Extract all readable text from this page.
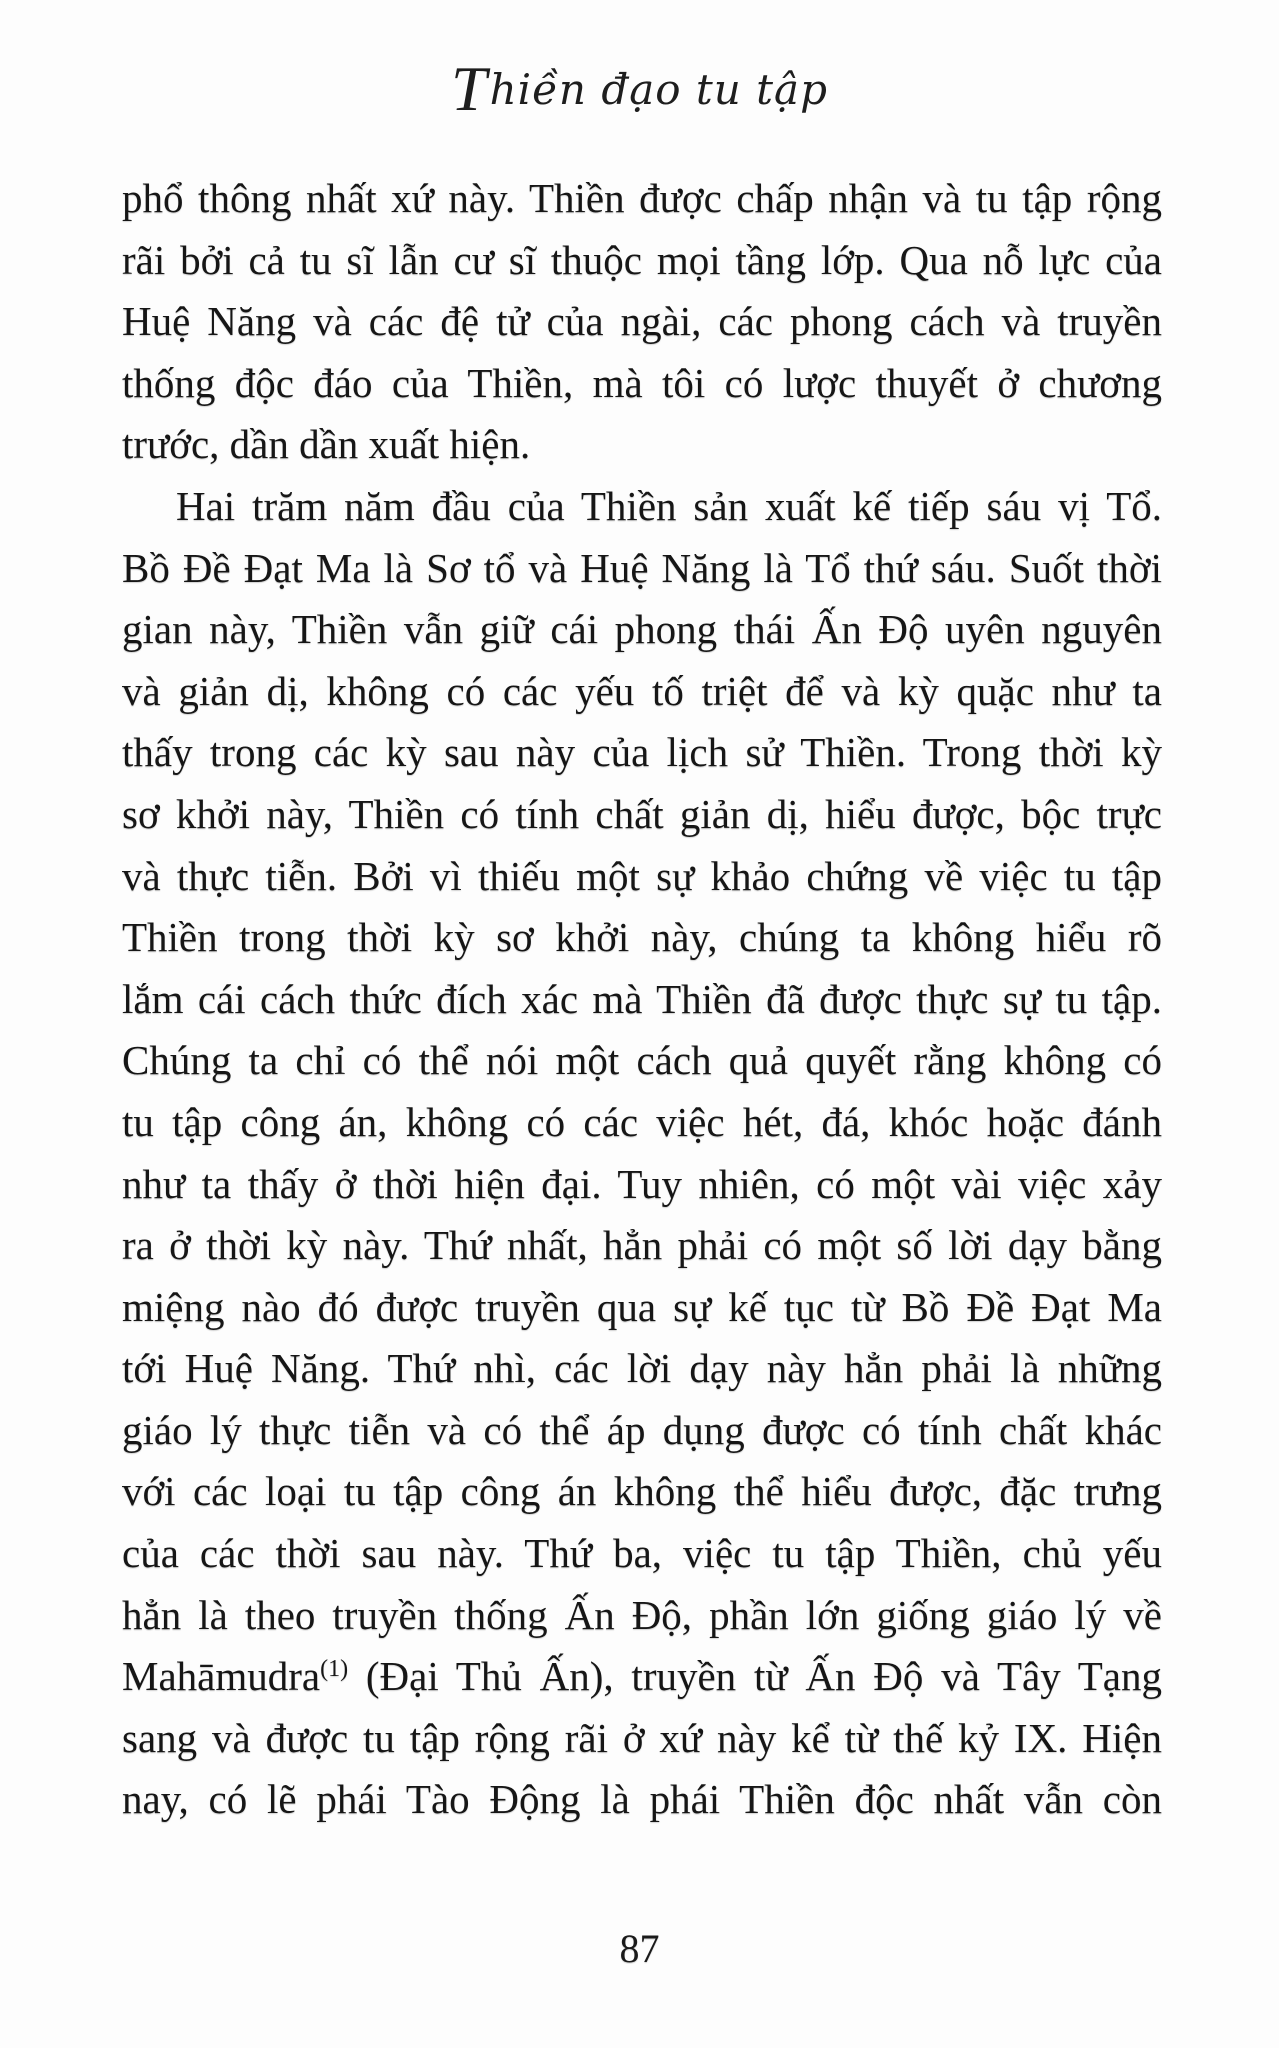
Thiền đạo tu tập
phổ thông nhất xứ này. Thiền được chấp nhận và tu tập rộng
rãi bởi cả tu sĩ lẫn cư sĩ thuộc mọi tầng lớp. Qua nỗ lực của
Huệ Năng và các đệ tử của ngài, các phong cách và truyền
thống độc đáo của Thiền, mà tôi có lược thuyết ở chương
trước, dần dần xuất hiện.
Hai trăm năm đầu của Thiền sản xuất kế tiếp sáu vị Tổ.
Bồ Đề Đạt Ma là Sơ tổ và Huệ Năng là Tổ thứ sáu. Suốt thời
gian này, Thiền vẫn giữ cái phong thái Ấn Độ uyên nguyên
và giản dị, không có các yếu tố triệt để và kỳ quặc như ta
thấy trong các kỳ sau này của lịch sử Thiền. Trong thời kỳ
sơ khởi này, Thiền có tính chất giản dị, hiểu được, bộc trực
và thực tiễn. Bởi vì thiếu một sự khảo chứng về việc tu tập
Thiền trong thời kỳ sơ khởi này, chúng ta không hiểu rõ
lắm cái cách thức đích xác mà Thiền đã được thực sự tu tập.
Chúng ta chỉ có thể nói một cách quả quyết rằng không có
tu tập công án, không có các việc hét, đá, khóc hoặc đánh
như ta thấy ở thời hiện đại. Tuy nhiên, có một vài việc xảy
ra ở thời kỳ này. Thứ nhất, hẳn phải có một số lời dạy bằng
miệng nào đó được truyền qua sự kế tục từ Bồ Đề Đạt Ma
tới Huệ Năng. Thứ nhì, các lời dạy này hẳn phải là những
giáo lý thực tiễn và có thể áp dụng được có tính chất khác
với các loại tu tập công án không thể hiểu được, đặc trưng
của các thời sau này. Thứ ba, việc tu tập Thiền, chủ yếu
hẳn là theo truyền thống Ấn Độ, phần lớn giống giáo lý về
Mahāmudra$^{(1)}$ (Đại Thủ Ấn), truyền từ Ấn Độ và Tây Tạng
sang và được tu tập rộng rãi ở xứ này kể từ thế kỷ IX. Hiện
nay, có lẽ phái Tào Động là phái Thiền độc nhất vẫn còn
87
